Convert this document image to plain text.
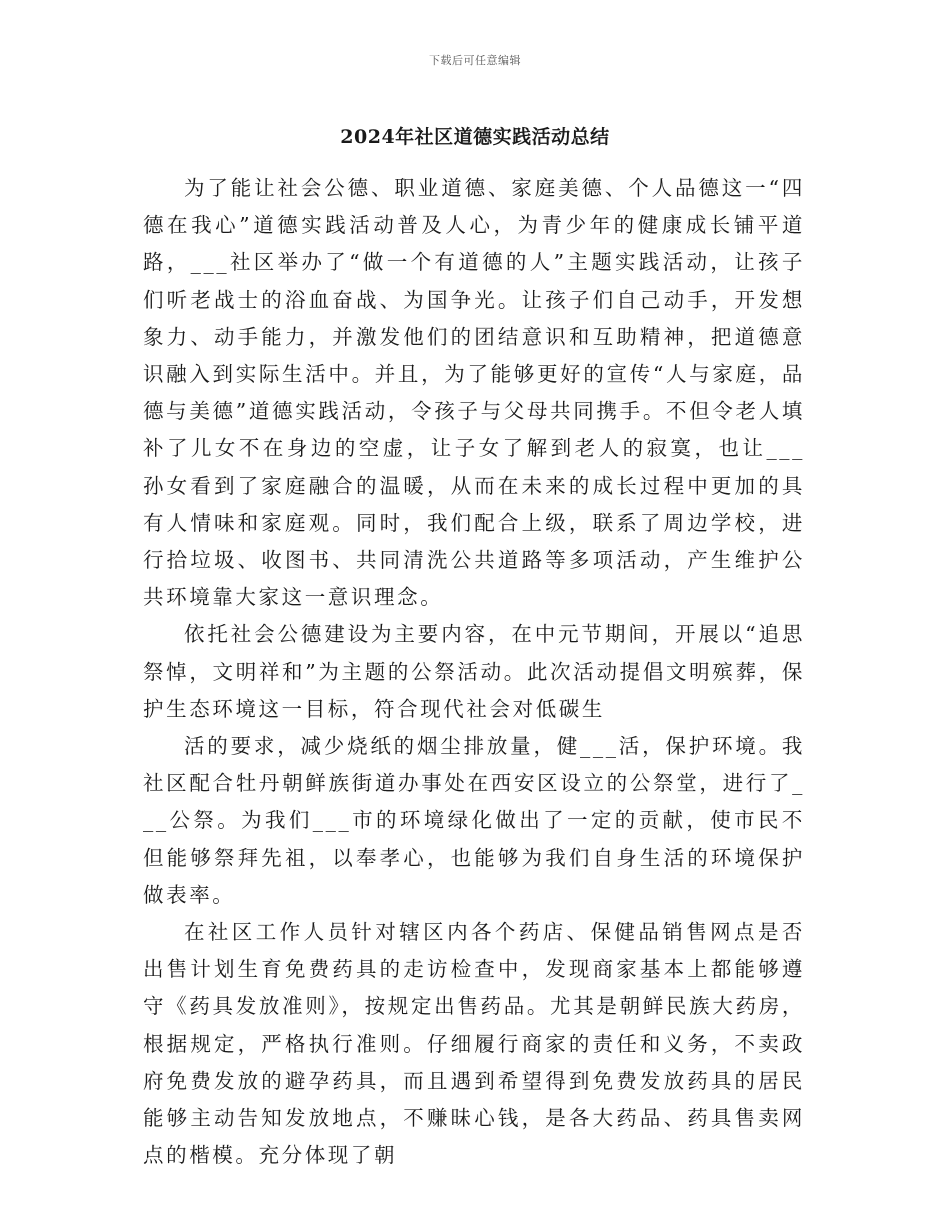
下载后可任意编辑
2024年社区道德实践活动总结

为了能让社会公德、职业道德、家庭美德、个人品德这一“四德在我心”道德实践活动普及人心，为青少年的健康成长铺平道路，___社区举办了“做一个有道德的人”主题实践活动，让孩子们听老战士的浴血奋战、为国争光。让孩子们自己动手，开发想象力、动手能力，并激发他们的团结意识和互助精神，把道德意识融入到实际生活中。并且，为了能够更好的宣传“人与家庭，品德与美德”道德实践活动，令孩子与父母共同携手。不但令老人填补了儿女不在身边的空虚，让子女了解到老人的寂寞，也让___孙女看到了家庭融合的温暖，从而在未来的成长过程中更加的具有人情味和家庭观。同时，我们配合上级，联系了周边学校，进行拾垃圾、收图书、共同清洗公共道路等多项活动，产生维护公共环境靠大家这一意识理念。

依托社会公德建设为主要内容，在中元节期间，开展以“追思祭悼，文明祥和”为主题的公祭活动。此次活动提倡文明殡葬，保护生态环境这一目标，符合现代社会对低碳生

活的要求，减少烧纸的烟尘排放量，健___活，保护环境。我社区配合牡丹朝鲜族街道办事处在西安区设立的公祭堂，进行了___公祭。为我们___市的环境绿化做出了一定的贡献，使市民不但能够祭拜先祖，以奉孝心，也能够为我们自身生活的环境保护做表率。

在社区工作人员针对辖区内各个药店、保健品销售网点是否出售计划生育免费药具的走访检查中，发现商家基本上都能够遵守《药具发放准则》，按规定出售药品。尤其是朝鲜民族大药房，根据规定，严格执行准则。仔细履行商家的责任和义务，不卖政府免费发放的避孕药具，而且遇到希望得到免费发放药具的居民能够主动告知发放地点，不赚昧心钱，是各大药品、药具售卖网点的楷模。充分体现了朝
